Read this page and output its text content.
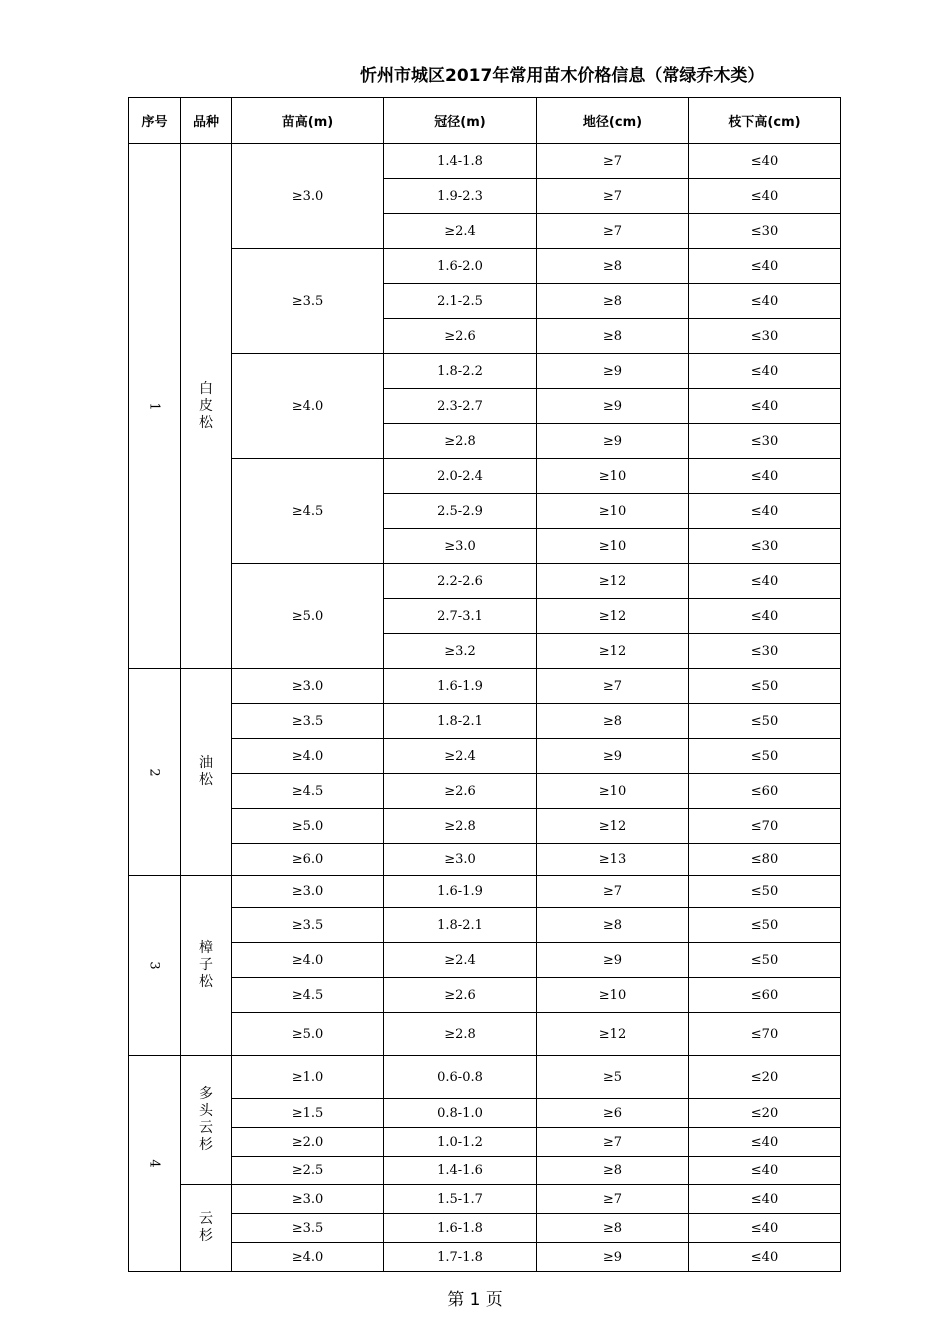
忻州市城区2017年常用苗木价格信息（常绿乔木类）
序号	品种	苗高(m)	冠径(m)	地径(cm)	枝下高(cm)
1	白皮松	≥3.0	1.4-1.8	≥7	≤40
			1.9-2.3	≥7	≤40
			≥2.4	≥7	≤30
		≥3.5	1.6-2.0	≥8	≤40
			2.1-2.5	≥8	≤40
			≥2.6	≥8	≤30
		≥4.0	1.8-2.2	≥9	≤40
			2.3-2.7	≥9	≤40
			≥2.8	≥9	≤30
		≥4.5	2.0-2.4	≥10	≤40
			2.5-2.9	≥10	≤40
			≥3.0	≥10	≤30
		≥5.0	2.2-2.6	≥12	≤40
			2.7-3.1	≥12	≤40
			≥3.2	≥12	≤30
2	油松	≥3.0	1.6-1.9	≥7	≤50
		≥3.5	1.8-2.1	≥8	≤50
		≥4.0	≥2.4	≥9	≤50
		≥4.5	≥2.6	≥10	≤60
		≥5.0	≥2.8	≥12	≤70
		≥6.0	≥3.0	≥13	≤80
3	樟子松	≥3.0	1.6-1.9	≥7	≤50
		≥3.5	1.8-2.1	≥8	≤50
		≥4.0	≥2.4	≥9	≤50
		≥4.5	≥2.6	≥10	≤60
		≥5.0	≥2.8	≥12	≤70
4	多头云杉	≥1.0	0.6-0.8	≥5	≤20
		≥1.5	0.8-1.0	≥6	≤20
		≥2.0	1.0-1.2	≥7	≤40
		≥2.5	1.4-1.6	≥8	≤40
	云杉	≥3.0	1.5-1.7	≥7	≤40
		≥3.5	1.6-1.8	≥8	≤40
		≥4.0	1.7-1.8	≥9	≤40
第 1 页
